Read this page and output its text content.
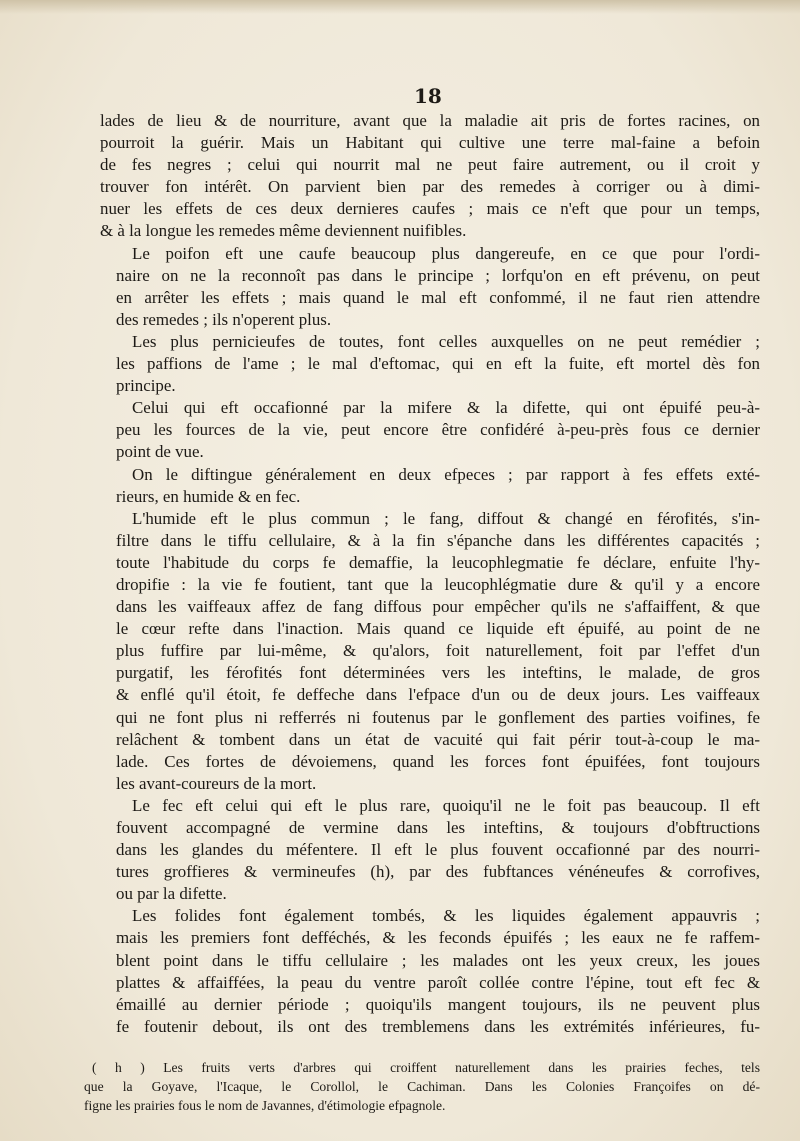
18

lades de lieu & de nourriture, avant que la maladie ait pris de fortes racines, on
pourroit la guérir. Mais un Habitant qui cultive une terre mal-faine a befoin
de fes negres ; celui qui nourrit mal ne peut faire autrement, ou il croit y
trouver fon intérêt. On parvient bien par des remedes à corriger ou à dimi-
nuer les effets de ces deux dernieres caufes ; mais ce n'eft que pour un temps,
& à la longue les remedes même deviennent nuifibles.

Le poifon eft une caufe beaucoup plus dangereufe, en ce que pour l'ordi-
naire on ne la reconnoît pas dans le principe ; lorfqu'on en eft prévenu, on peut
en arrêter les effets ; mais quand le mal eft confommé, il ne faut rien attendre
des remedes ; ils n'operent plus.

Les plus pernicieufes de toutes, font celles auxquelles on ne peut remédier ;
les paffions de l'ame ; le mal d'eftomac, qui en eft la fuite, eft mortel dès fon
principe.

Celui qui eft occafionné par la mifere & la difette, qui ont épuifé peu-à-
peu les fources de la vie, peut encore être confidéré à-peu-près fous ce dernier
point de vue.

On le diftingue généralement en deux efpeces ; par rapport à fes effets exté-
rieurs, en humide & en fec.

L'humide eft le plus commun ; le fang, diffout & changé en férofités, s'in-
filtre dans le tiffu cellulaire, & à la fin s'épanche dans les différentes capacités ;
toute l'habitude du corps fe demaffie, la leucophlegmatie fe déclare, enfuite l'hy-
dropifie : la vie fe foutient, tant que la leucophlégmatie dure & qu'il y a encore
dans les vaiffeaux affez de fang diffous pour empêcher qu'ils ne s'affaiffent, & que
le cœur refte dans l'inaction. Mais quand ce liquide eft épuifé, au point de ne
plus fuffire par lui-même, & qu'alors, foit naturellement, foit par l'effet d'un
purgatif, les férofités font déterminées vers les inteftins, le malade, de gros
& enflé qu'il étoit, fe deffeche dans l'efpace d'un ou de deux jours. Les vaiffeaux
qui ne font plus ni refferrés ni foutenus par le gonflement des parties voifines, fe
relâchent & tombent dans un état de vacuité qui fait périr tout-à-coup le ma-
lade. Ces fortes de dévoiemens, quand les forces font épuifées, font toujours
les avant-coureurs de la mort.

Le fec eft celui qui eft le plus rare, quoiqu'il ne le foit pas beaucoup. Il eft
fouvent accompagné de vermine dans les inteftins, & toujours d'obftructions
dans les glandes du méfentere. Il eft le plus fouvent occafionné par des nourri-
tures groffieres & vermineufes (h), par des fubftances vénéneufes & corrofives,
ou par la difette.

Les folides font également tombés, & les liquides également appauvris ;
mais les premiers font defféchés, & les feconds épuifés ; les eaux ne fe raffem-
blent point dans le tiffu cellulaire ; les malades ont les yeux creux, les joues
plattes & affaiffées, la peau du ventre paroît collée contre l'épine, tout eft fec &
émaillé au dernier période ; quoiqu'ils mangent toujours, ils ne peuvent plus
fe foutenir debout, ils ont des tremblemens dans les extrémités inférieures, fu-

( h ) Les fruits verts d'arbres qui croiffent naturellement dans les prairies feches, tels
que la Goyave, l'Icaque, le Corollol, le Cachiman. Dans les Colonies Françoifes on dé-
figne les prairies fous le nom de Javannes, d'étimologie efpagnole.
